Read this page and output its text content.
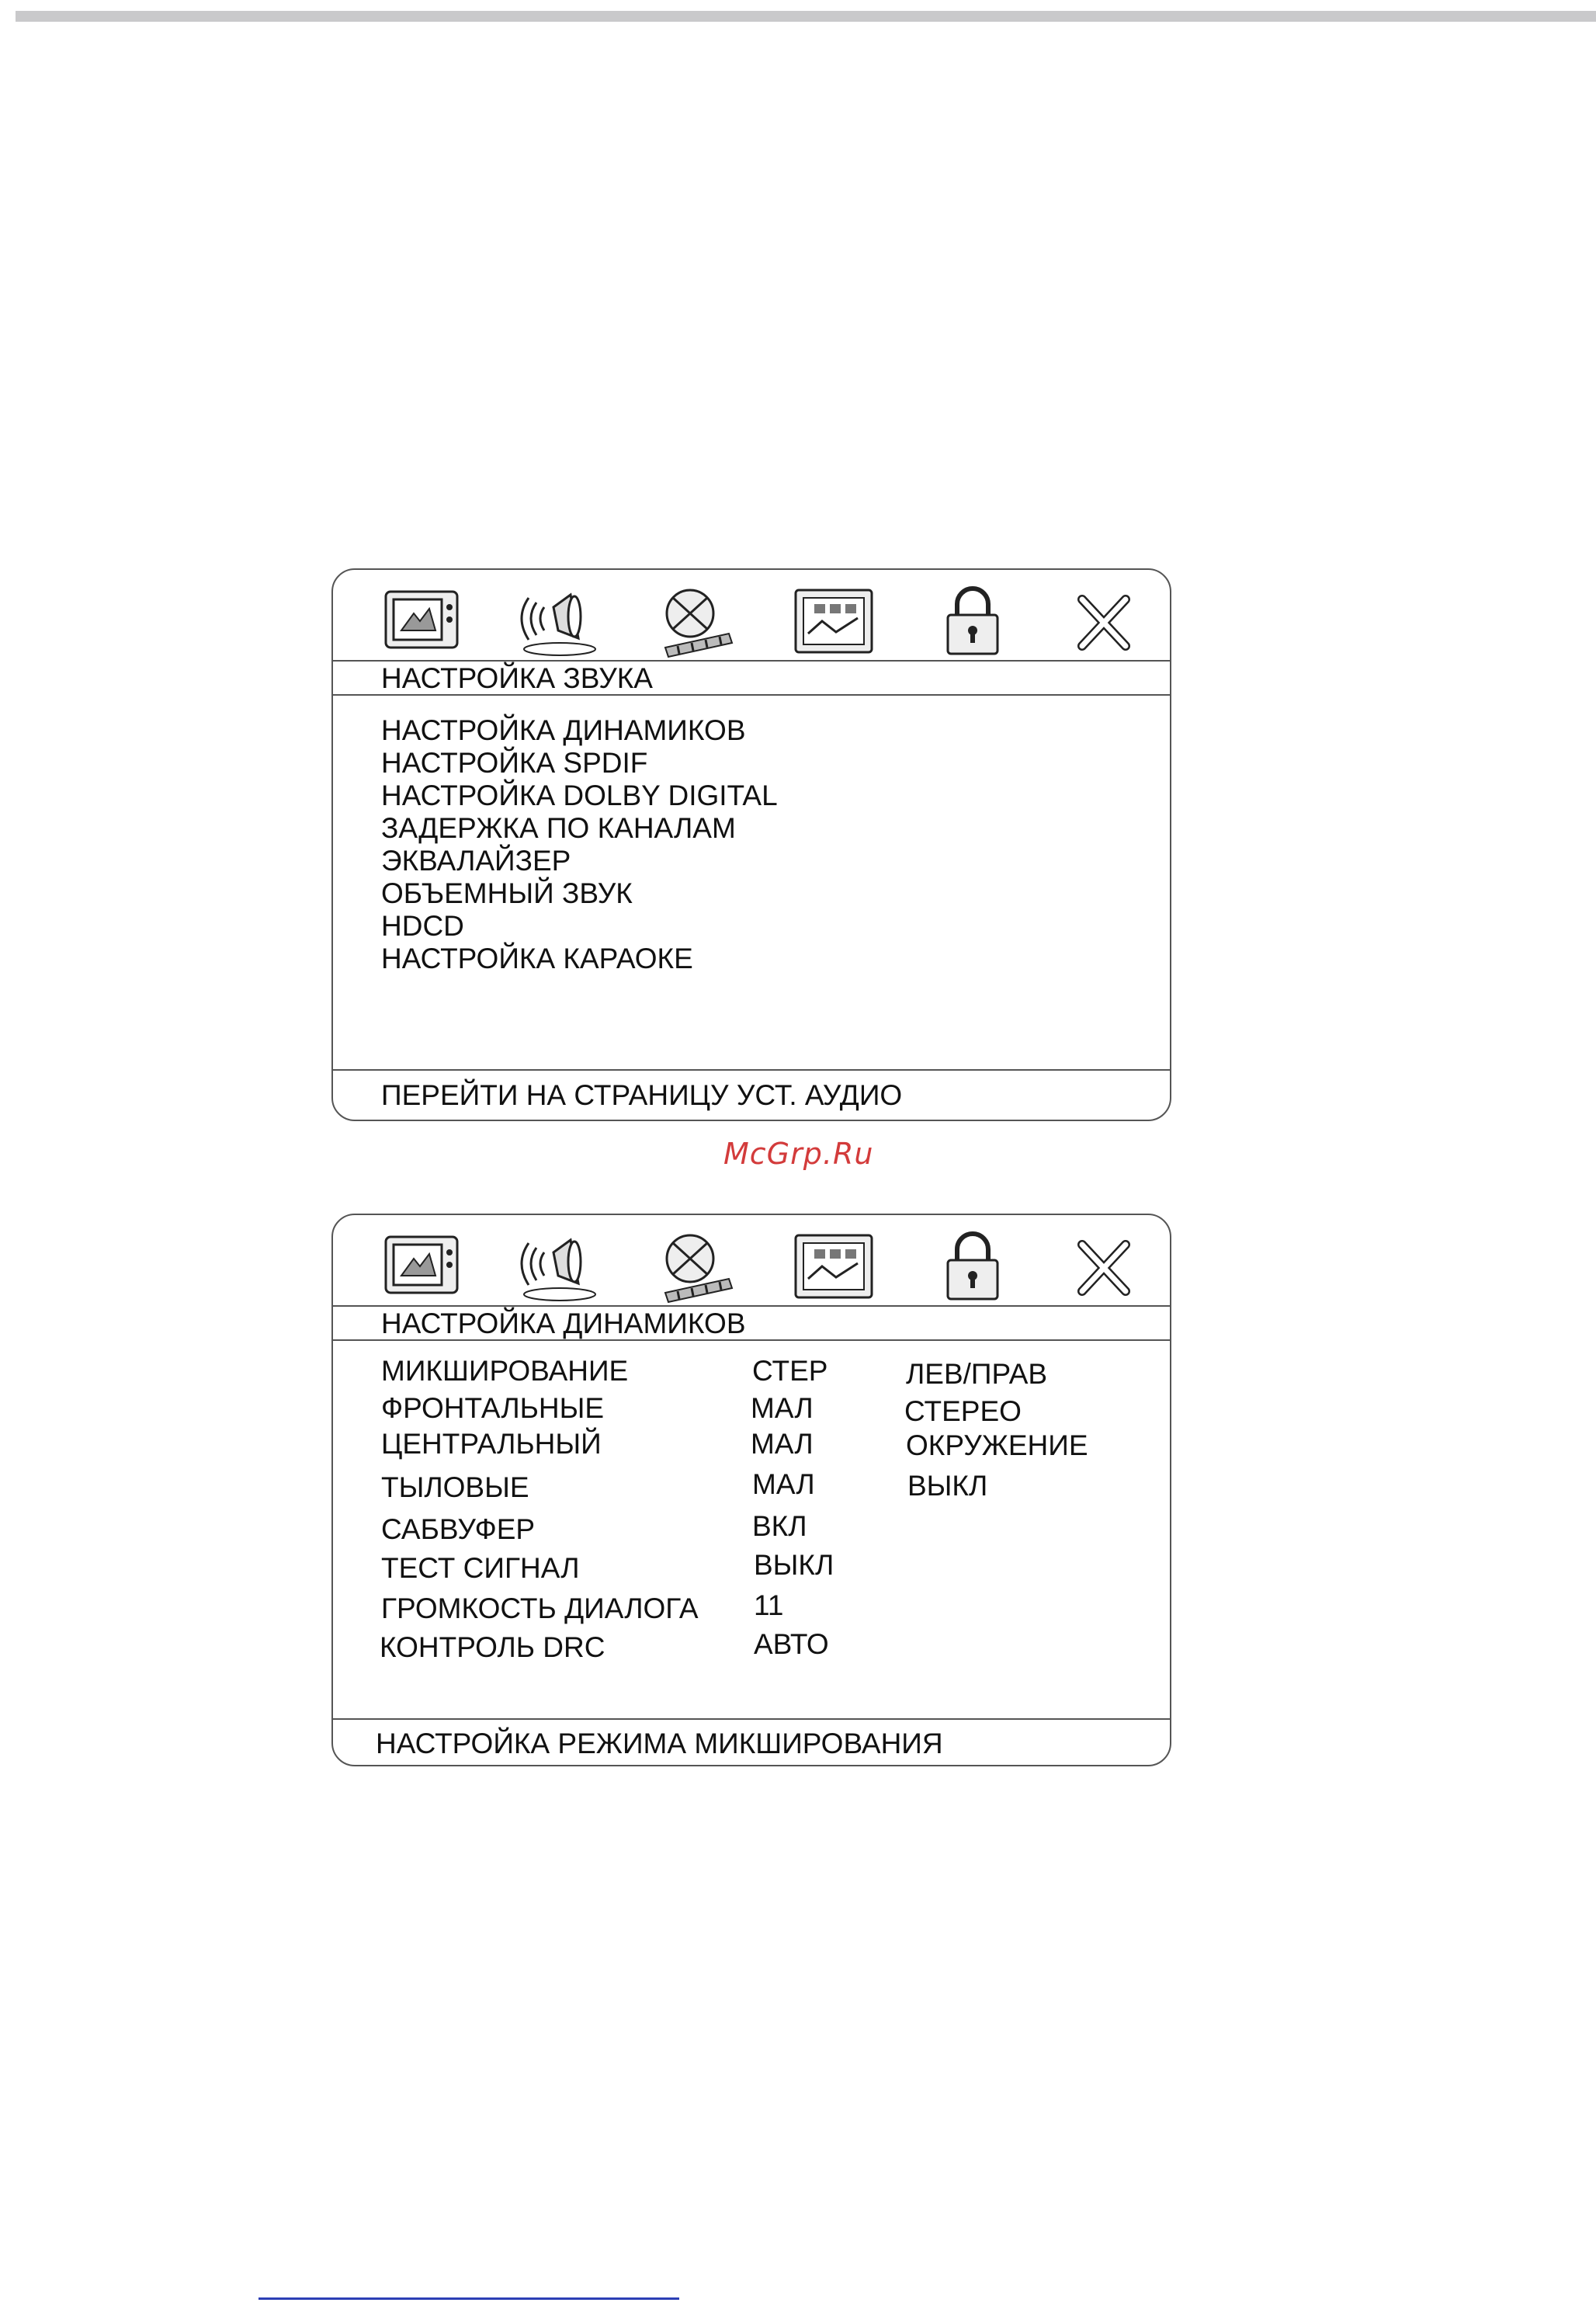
НАСТРОЙКА ЗВУКА
НАСТРОЙКА ДИНАМИКОВ
НАСТРОЙКА SPDIF
НАСТРОЙКА DOLBY DIGITAL
ЗАДЕРЖКА ПО КАНАЛАМ
ЭКВАЛАЙЗЕР
ОБЪЕМНЫЙ ЗВУК
HDCD
НАСТРОЙКА КАРАОКЕ
ПЕРЕЙТИ НА СТРАНИЦУ УСТ. АУДИО
McGrp.Ru
НАСТРОЙКА ДИНАМИКОВ
МИКШИРОВАНИЕ	СТЕР	ЛЕВ/ПРАВ
ФРОНТАЛЬНЫЕ	МАЛ	СТЕРЕО
ЦЕНТРАЛЬНЫЙ	МАЛ	ОКРУЖЕНИЕ
ТЫЛОВЫЕ	МАЛ	ВЫКЛ
САБВУФЕР	ВКЛ
ТЕСТ СИГНАЛ	ВЫКЛ
ГРОМКОСТЬ ДИАЛОГА 11
КОНТРОЛЬ DRC	АВТО
НАСТРОЙКА РЕЖИМА МИКШИРОВАНИЯ
